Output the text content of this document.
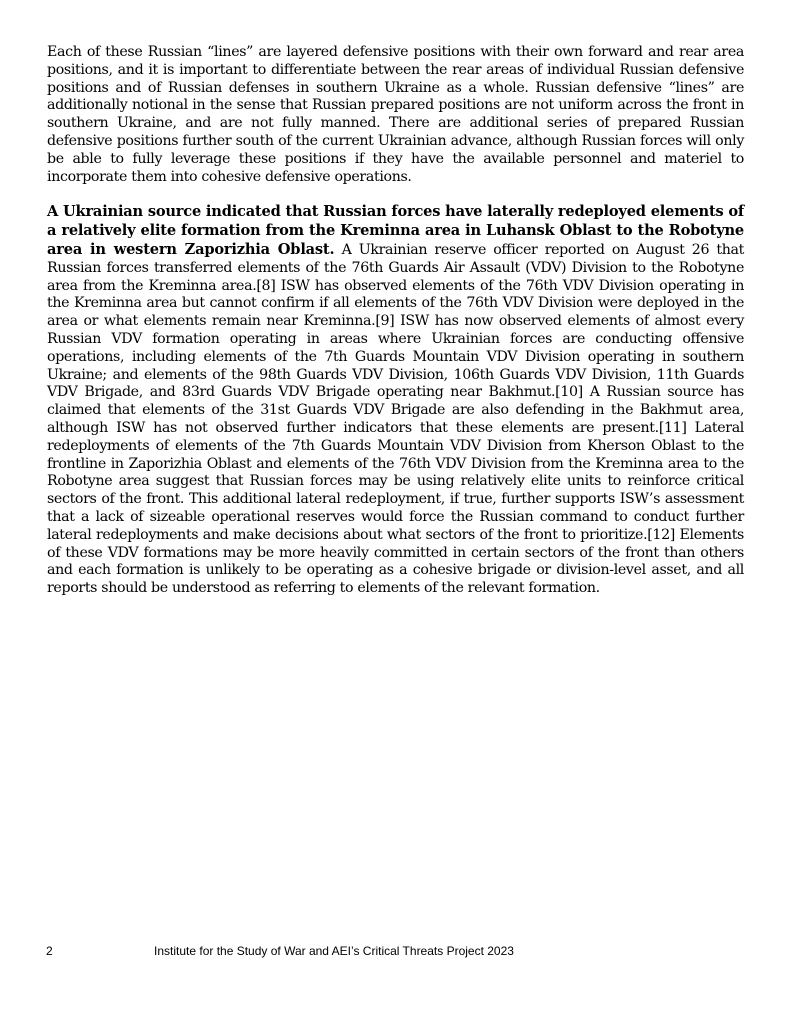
Each of these Russian “lines” are layered defensive positions with their own forward and rear area positions, and it is important to differentiate between the rear areas of individual Russian defensive positions and of Russian defenses in southern Ukraine as a whole. Russian defensive “lines” are additionally notional in the sense that Russian prepared positions are not uniform across the front in southern Ukraine, and are not fully manned. There are additional series of prepared Russian defensive positions further south of the current Ukrainian advance, although Russian forces will only be able to fully leverage these positions if they have the available personnel and materiel to incorporate them into cohesive defensive operations.

A Ukrainian source indicated that Russian forces have laterally redeployed elements of a relatively elite formation from the Kreminna area in Luhansk Oblast to the Robotyne area in western Zaporizhia Oblast. A Ukrainian reserve officer reported on August 26 that Russian forces transferred elements of the 76th Guards Air Assault (VDV) Division to the Robotyne area from the Kreminna area.[8] ISW has observed elements of the 76th VDV Division operating in the Kreminna area but cannot confirm if all elements of the 76th VDV Division were deployed in the area or what elements remain near Kreminna.[9] ISW has now observed elements of almost every Russian VDV formation operating in areas where Ukrainian forces are conducting offensive operations, including elements of the 7th Guards Mountain VDV Division operating in southern Ukraine; and elements of the 98th Guards VDV Division, 106th Guards VDV Division, 11th Guards VDV Brigade, and 83rd Guards VDV Brigade operating near Bakhmut.[10] A Russian source has claimed that elements of the 31st Guards VDV Brigade are also defending in the Bakhmut area, although ISW has not observed further indicators that these elements are present.[11] Lateral redeployments of elements of the 7th Guards Mountain VDV Division from Kherson Oblast to the frontline in Zaporizhia Oblast and elements of the 76th VDV Division from the Kreminna area to the Robotyne area suggest that Russian forces may be using relatively elite units to reinforce critical sectors of the front. This additional lateral redeployment, if true, further supports ISW’s assessment that a lack of sizeable operational reserves would force the Russian command to conduct further lateral redeployments and make decisions about what sectors of the front to prioritize.[12] Elements of these VDV formations may be more heavily committed in certain sectors of the front than others and each formation is unlikely to be operating as a cohesive brigade or division-level asset, and all reports should be understood as referring to elements of the relevant formation.

2	Institute for the Study of War and AEI’s Critical Threats Project 2023
